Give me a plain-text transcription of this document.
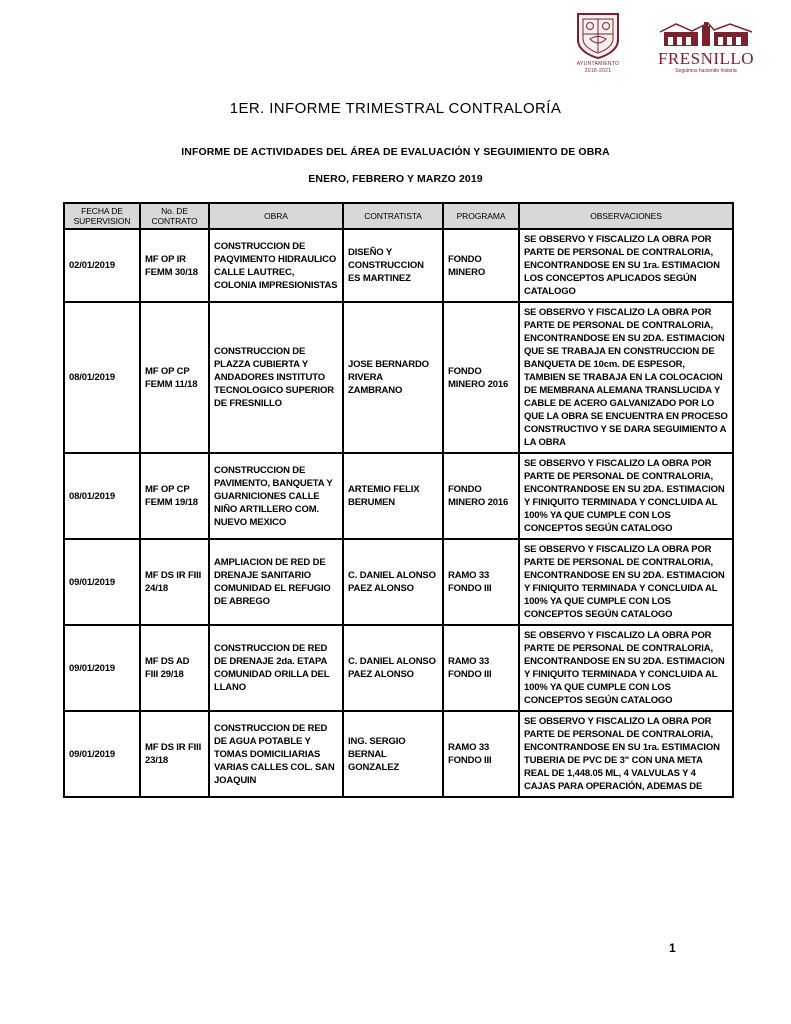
AYUNTAMIENTO
2018-2021
FRESNILLO
Seguimos haciendo historia
1ER. INFORME TRIMESTRAL CONTRALORÍA
INFORME DE ACTIVIDADES DEL ÁREA DE EVALUACIÓN Y SEGUIMIENTO DE OBRA
ENERO, FEBRERO Y MARZO 2019
FECHA DE SUPERVISION	No. DE CONTRATO	OBRA	CONTRATISTA	PROGRAMA	OBSERVACIONES
02/01/2019	MF OP IR FEMM 30/18	CONSTRUCCION DE PAQVIMENTO HIDRAULICO CALLE LAUTREC, COLONIA IMPRESIONISTAS	DISEÑO Y CONSTRUCCION ES MARTINEZ	FONDO MINERO	SE OBSERVO Y FISCALIZO LA OBRA POR PARTE DE PERSONAL DE CONTRALORIA, ENCONTRANDOSE EN SU 1ra. ESTIMACION LOS CONCEPTOS APLICADOS SEGÚN CATALOGO
08/01/2019	MF OP CP FEMM 11/18	CONSTRUCCION DE PLAZZA CUBIERTA Y ANDADORES INSTITUTO TECNOLOGICO SUPERIOR DE FRESNILLO	JOSE BERNARDO RIVERA ZAMBRANO	FONDO MINERO 2016	SE OBSERVO Y FISCALIZO LA OBRA POR PARTE DE PERSONAL DE CONTRALORIA, ENCONTRANDOSE EN SU 2DA. ESTIMACION QUE SE TRABAJA EN CONSTRUCCION DE BANQUETA DE 10cm. DE ESPESOR, TAMBIEN SE TRABAJA EN LA COLOCACION DE MEMBRANA ALEMANA TRANSLUCIDA Y CABLE DE ACERO GALVANIZADO POR LO QUE LA OBRA SE ENCUENTRA EN PROCESO CONSTRUCTIVO Y SE DARA SEGUIMIENTO A LA OBRA
08/01/2019	MF OP CP FEMM 19/18	CONSTRUCCION DE PAVIMENTO, BANQUETA Y GUARNICIONES CALLE NIÑO ARTILLERO COM. NUEVO MEXICO	ARTEMIO FELIX BERUMEN	FONDO MINERO 2016	SE OBSERVO Y FISCALIZO LA OBRA POR PARTE DE PERSONAL DE CONTRALORIA, ENCONTRANDOSE EN SU 2DA. ESTIMACION Y FINIQUITO TERMINADA Y CONCLUIDA AL 100% YA QUE CUMPLE CON LOS CONCEPTOS SEGÚN CATALOGO
09/01/2019	MF DS IR FIII 24/18	AMPLIACION DE RED DE DRENAJE SANITARIO COMUNIDAD EL REFUGIO DE ABREGO	C. DANIEL ALONSO PAEZ ALONSO	RAMO 33 FONDO III	SE OBSERVO Y FISCALIZO LA OBRA POR PARTE DE PERSONAL DE CONTRALORIA, ENCONTRANDOSE EN SU 2DA. ESTIMACION Y FINIQUITO TERMINADA Y CONCLUIDA AL 100% YA QUE CUMPLE CON LOS CONCEPTOS SEGÚN CATALOGO
09/01/2019	MF DS AD FIII 29/18	CONSTRUCCION DE RED DE DRENAJE 2da. ETAPA COMUNIDAD ORILLA DEL LLANO	C. DANIEL ALONSO PAEZ ALONSO	RAMO 33 FONDO III	SE OBSERVO Y FISCALIZO LA OBRA POR PARTE DE PERSONAL DE CONTRALORIA, ENCONTRANDOSE EN SU 2DA. ESTIMACION Y FINIQUITO TERMINADA Y CONCLUIDA AL 100% YA QUE CUMPLE CON LOS CONCEPTOS SEGÚN CATALOGO
09/01/2019	MF DS IR FIII 23/18	CONSTRUCCION DE RED DE AGUA POTABLE Y TOMAS DOMICILIARIAS VARIAS CALLES COL. SAN JOAQUIN	ING. SERGIO BERNAL GONZALEZ	RAMO 33 FONDO III	SE OBSERVO Y FISCALIZO LA OBRA POR PARTE DE PERSONAL DE CONTRALORIA, ENCONTRANDOSE EN SU 1ra. ESTIMACION TUBERIA DE PVC DE 3" CON UNA META REAL DE 1,448.05 ML, 4 VALVULAS Y 4 CAJAS PARA OPERACIÓN, ADEMAS DE
1
